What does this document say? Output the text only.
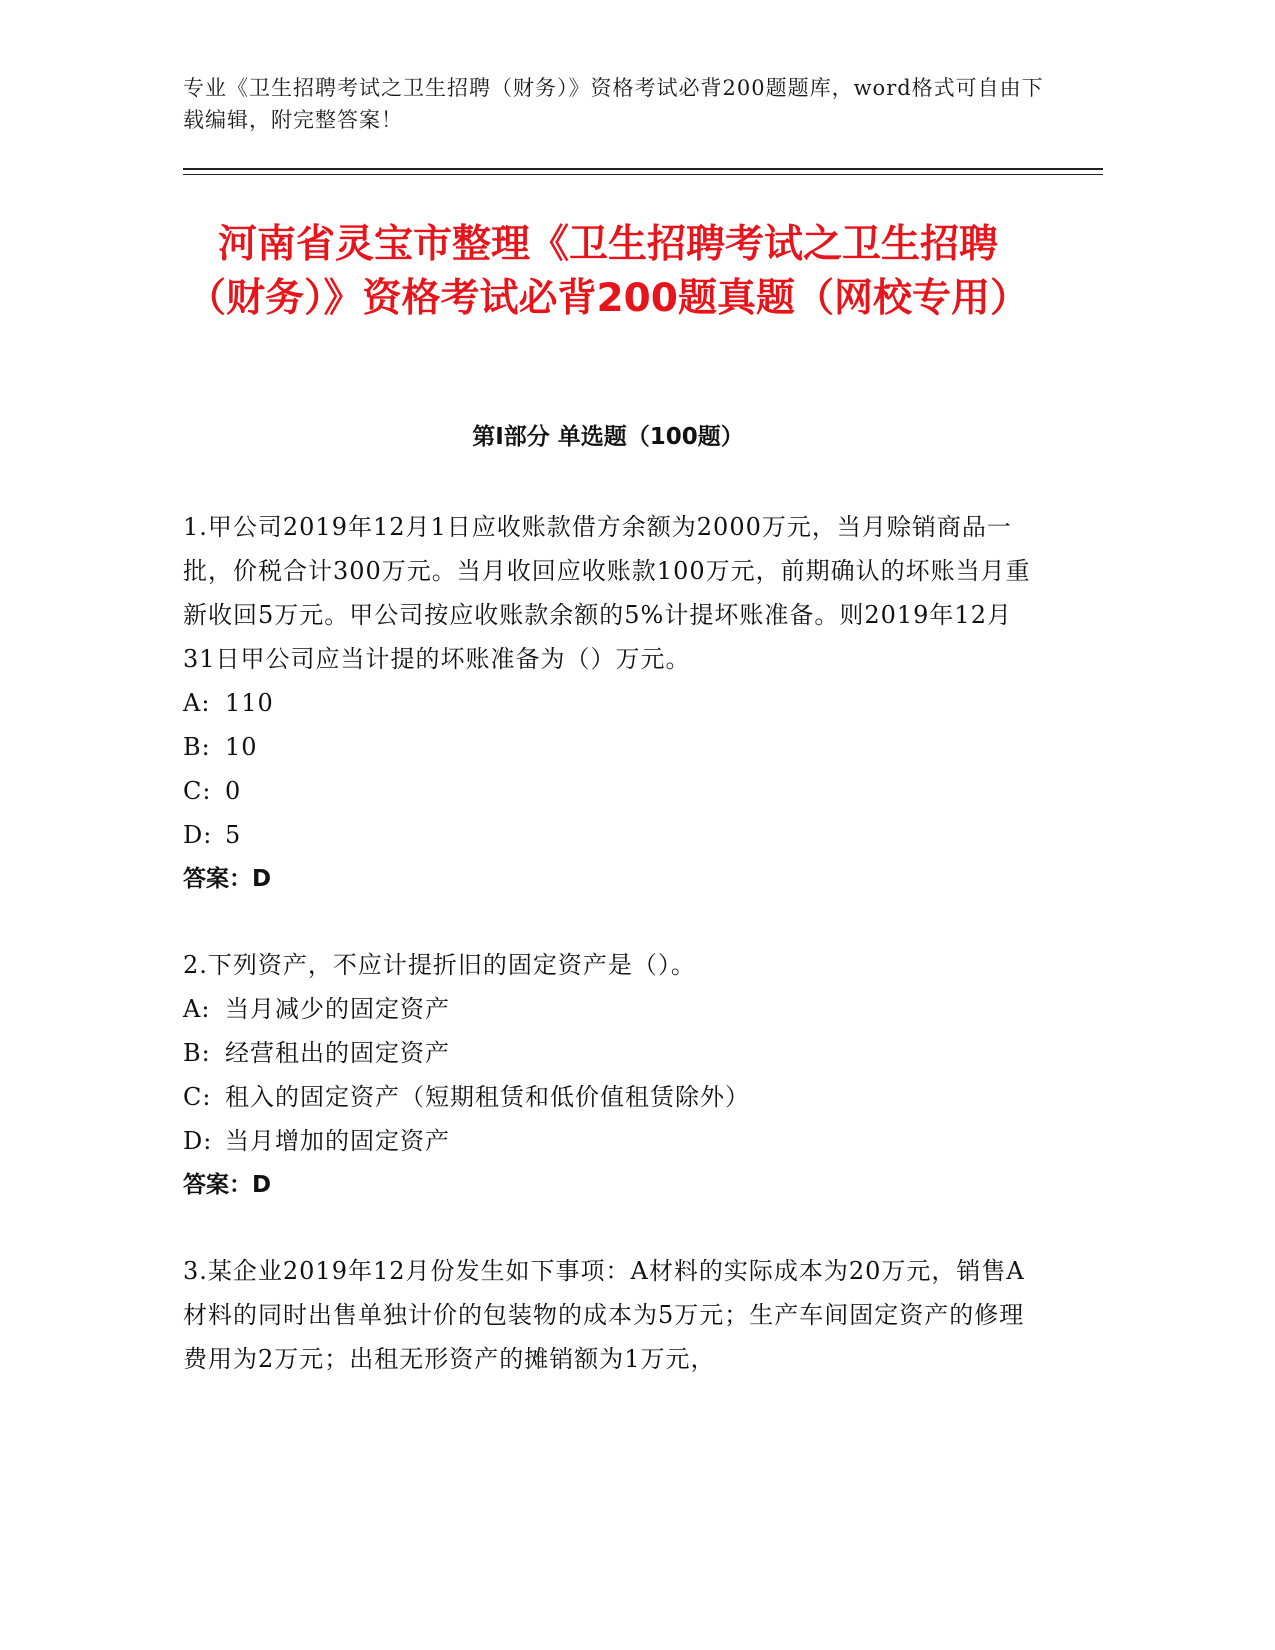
专业《卫生招聘考试之卫生招聘（财务）》资格考试必背200题题库，word格式可自由下载编辑，附完整答案！
河南省灵宝市整理《卫生招聘考试之卫生招聘（财务）》资格考试必背200题真题（网校专用）
第Ⅰ部分 单选题（100题）

1.甲公司2019年12月1日应收账款借方余额为2000万元，当月赊销商品一批，价税合计300万元。当月收回应收账款100万元，前期确认的坏账当月重新收回5万元。甲公司按应收账款余额的5%计提坏账准备。则2019年12月31日甲公司应当计提的坏账准备为（）万元。

A: 110

B: 10

C: 0

D: 5

答案：D

2.下列资产，不应计提折旧的固定资产是（）。

A: 当月减少的固定资产

B: 经营租出的固定资产

C: 租入的固定资产（短期租赁和低价值租赁除外）

D: 当月增加的固定资产

答案：D

3.某企业2019年12月份发生如下事项：A材料的实际成本为20万元，销售A材料的同时出售单独计价的包装物的成本为5万元；生产车间固定资产的修理费用为2万元；出租无形资产的摊销额为1万元，
